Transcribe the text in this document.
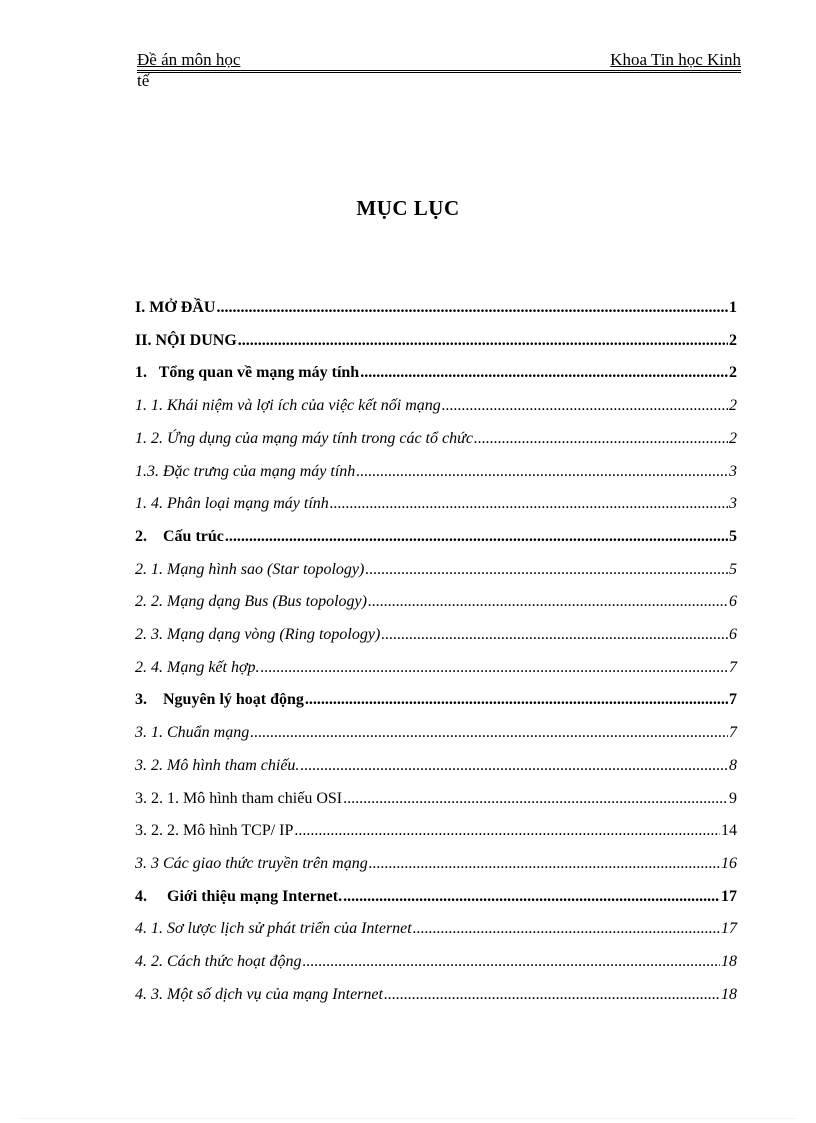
Đề án môn học	Khoa Tin học Kinh
tế
MỤC LỤC
I. MỞ ĐẦU .....	1
II. NỘI DUNG .....	2
1.   Tổng quan về mạng máy tính .....	2
1. 1. Khái niệm và lợi ích của việc kết nối mạng .....	2
1. 2. Ứng dụng của mạng máy tính trong các tổ chức .....	2
1.3. Đặc trưng của mạng máy tính .....	3
1. 4. Phân loại mạng máy tính .....	3
2.    Cấu trúc .....	5
2. 1. Mạng hình sao (Star topology) .....	5
2. 2. Mạng dạng Bus (Bus topology) .....	6
2. 3. Mạng dạng vòng (Ring topology) .....	6
2. 4. Mạng kết hợp. .....	7
3.    Nguyên lý hoạt động .....	7
3. 1. Chuẩn mạng .....	7
3. 2. Mô hình tham chiếu. .....	8
3. 2. 1. Mô hình tham chiếu OSI .....	9
3. 2. 2. Mô hình TCP/ IP .....	14
3. 3 Các giao thức truyền trên mạng .....	16
4.     Giới thiệu mạng Internet. .....	17
4. 1. Sơ lược lịch sử phát triển của Internet .....	17
4. 2. Cách thức hoạt động .....	18
4. 3. Một số dịch vụ của mạng Internet .....	18
